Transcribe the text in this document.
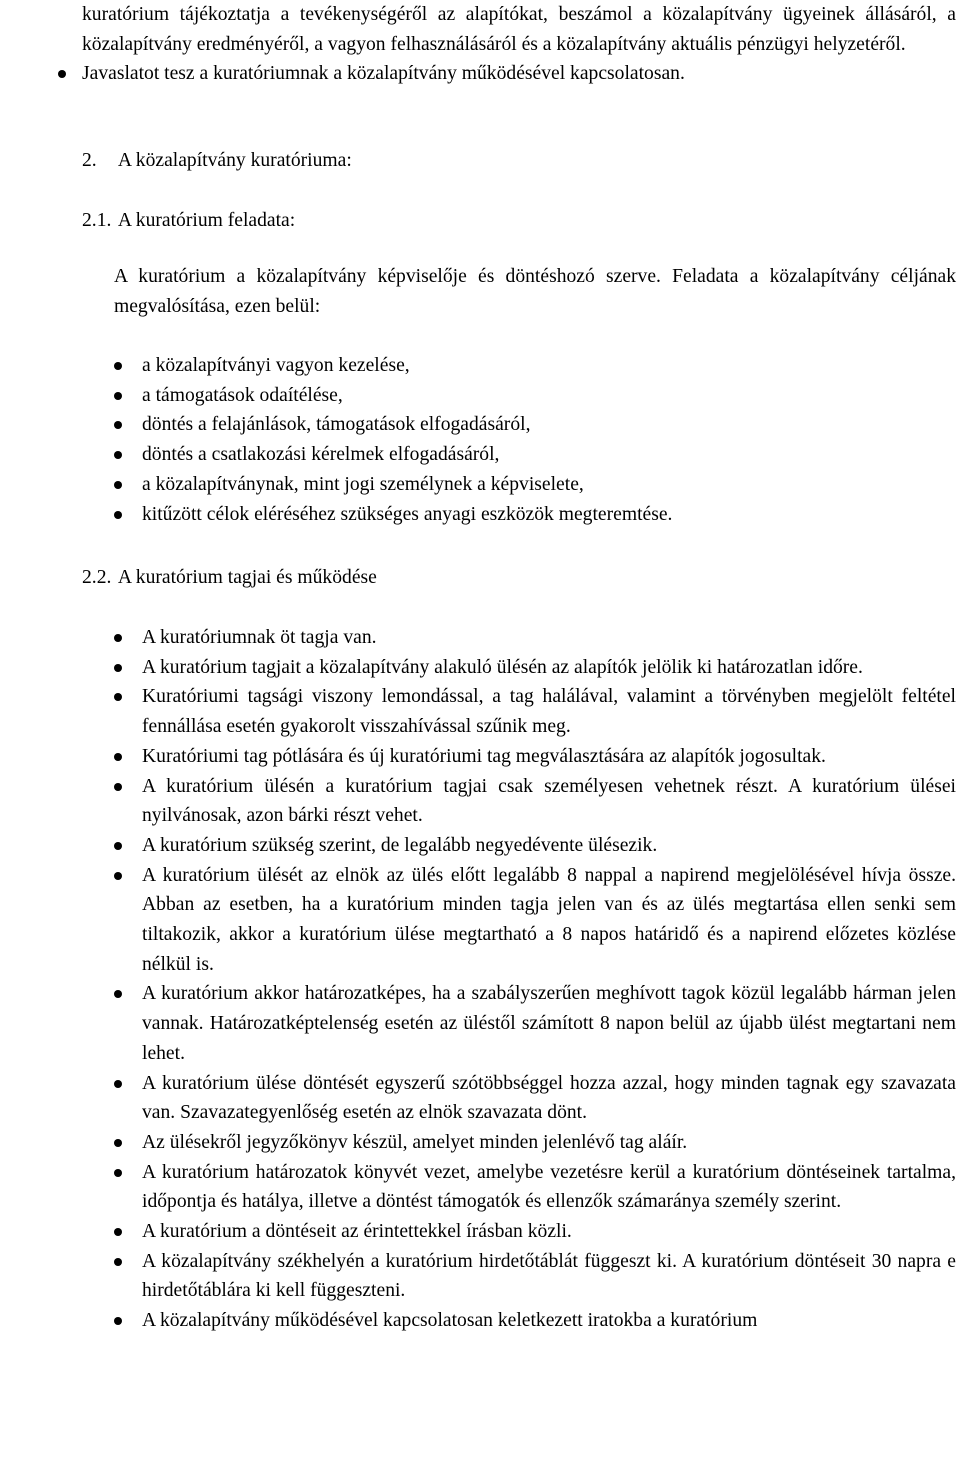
kuratórium tájékoztatja a tevékenységéről az alapítókat, beszámol a közalapítvány ügyeinek állásáról, a közalapítvány eredményéről, a vagyon felhasználásáról és a közalapítvány aktuális pénzügyi helyzetéről.

Javaslatot tesz a kuratóriumnak a közalapítvány működésével kapcsolatosan.

2. A közalapítvány kuratóriuma:
2.1. A kuratórium feladata:

A kuratórium a közalapítvány képviselője és döntéshozó szerve. Feladata a közalapítvány céljának megvalósítása, ezen belül:

a közalapítványi vagyon kezelése,

a támogatások odaítélése,

döntés a felajánlások, támogatások elfogadásáról,

döntés a csatlakozási kérelmek elfogadásáról,

a közalapítványnak, mint jogi személynek a képviselete,

kitűzött célok eléréséhez szükséges anyagi eszközök megteremtése.

2.2. A kuratórium tagjai és működése

A kuratóriumnak öt tagja van.

A kuratórium tagjait a közalapítvány alakuló ülésén az alapítók jelölik ki határozatlan időre.

Kuratóriumi tagsági viszony lemondással, a tag halálával, valamint a törvényben megjelölt feltétel fennállása esetén gyakorolt visszahívással szűnik meg.

Kuratóriumi tag pótlására és új kuratóriumi tag megválasztására az alapítók jogosultak.

A kuratórium ülésén a kuratórium tagjai csak személyesen vehetnek részt. A kuratórium ülései nyilvánosak, azon bárki részt vehet.

A kuratórium szükség szerint, de legalább negyedévente ülésezik.

A kuratórium ülését az elnök az ülés előtt legalább 8 nappal a napirend megjelölésével hívja össze. Abban az esetben, ha a kuratórium minden tagja jelen van és az ülés megtartása ellen senki sem tiltakozik, akkor a kuratórium ülése megtartható a 8 napos határidő és a napirend előzetes közlése nélkül is.

A kuratórium akkor határozatképes, ha a szabályszerűen meghívott tagok közül legalább hárman jelen vannak. Határozatképtelenség esetén az üléstől számított 8 napon belül az újabb ülést megtartani nem lehet.

A kuratórium ülése döntését egyszerű szótöbbséggel hozza azzal, hogy minden tagnak egy szavazata van. Szavazategyenlőség esetén az elnök szavazata dönt.

Az ülésekről jegyzőkönyv készül, amelyet minden jelenlévő tag aláír.

A kuratórium határozatok könyvét vezet, amelybe vezetésre kerül a kuratórium döntéseinek tartalma, időpontja és hatálya, illetve a döntést támogatók és ellenzők számaránya személy szerint.

A kuratórium a döntéseit az érintettekkel írásban közli.

A közalapítvány székhelyén a kuratórium hirdetőtáblát függeszt ki. A kuratórium döntéseit 30 napra e hirdetőtáblára ki kell függeszteni.

A közalapítvány működésével kapcsolatosan keletkezett iratokba a kuratórium
